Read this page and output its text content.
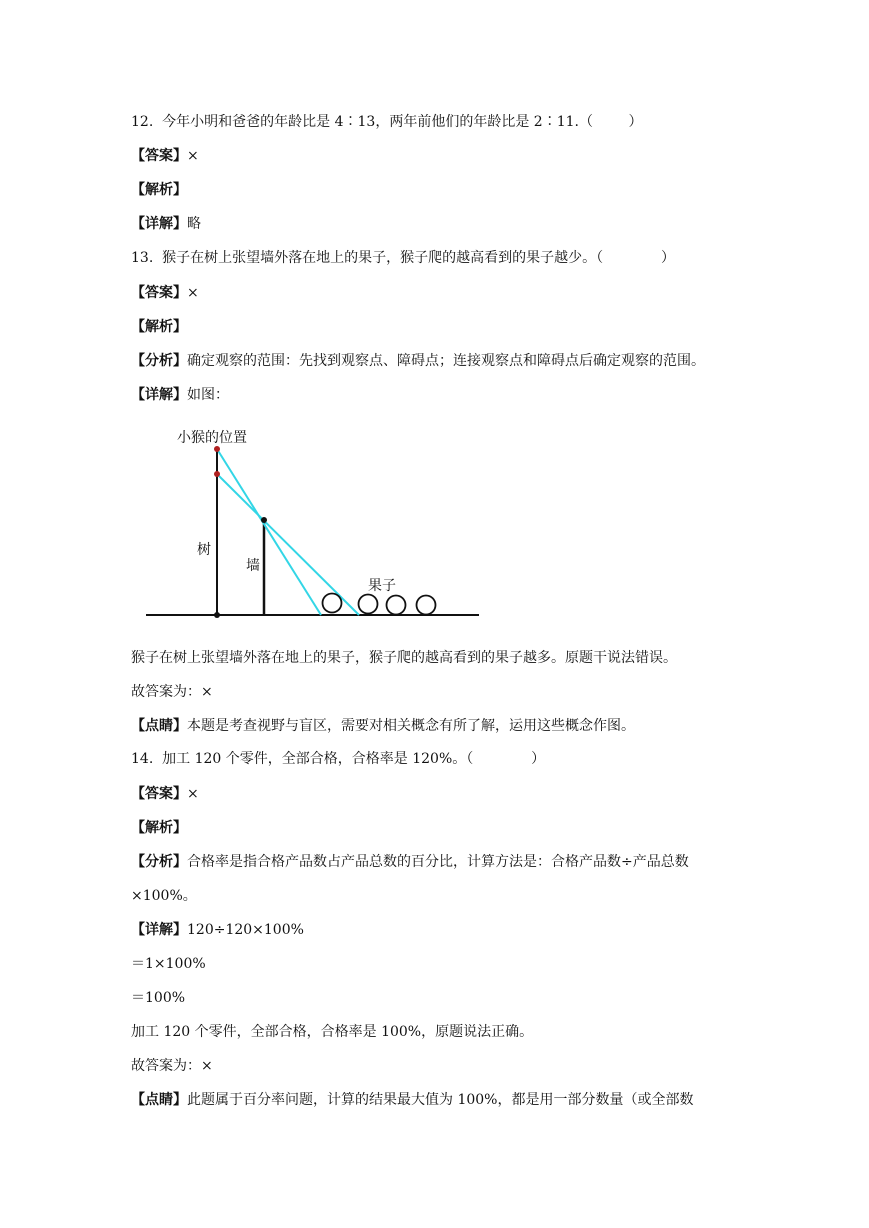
12.  今年小明和爸爸的年龄比是 4∶13，两年前他们的年龄比是 2∶11.（        ）

【答案】×

【解析】

【详解】略

13.  猴子在树上张望墙外落在地上的果子，猴子爬的越高看到的果子越少。（             ）

【答案】×

【解析】

【分析】确定观察的范围：先找到观察点、障碍点；连接观察点和障碍点后确定观察的范围。

【详解】如图：

小猴的位置
树
墙
果子

猴子在树上张望墙外落在地上的果子，猴子爬的越高看到的果子越多。原题干说法错误。

故答案为：×

【点睛】本题是考查视野与盲区，需要对相关概念有所了解，运用这些概念作图。

14.  加工 120 个零件，全部合格，合格率是 120%。（             ）

【答案】×

【解析】

【分析】合格率是指合格产品数占产品总数的百分比，计算方法是：合格产品数÷产品总数

×100%。

【详解】120÷120×100%

＝1×100%

＝100%

加工 120 个零件，全部合格，合格率是 100%，原题说法正确。

故答案为：×

【点睛】此题属于百分率问题，计算的结果最大值为 100%，都是用一部分数量（或全部数
